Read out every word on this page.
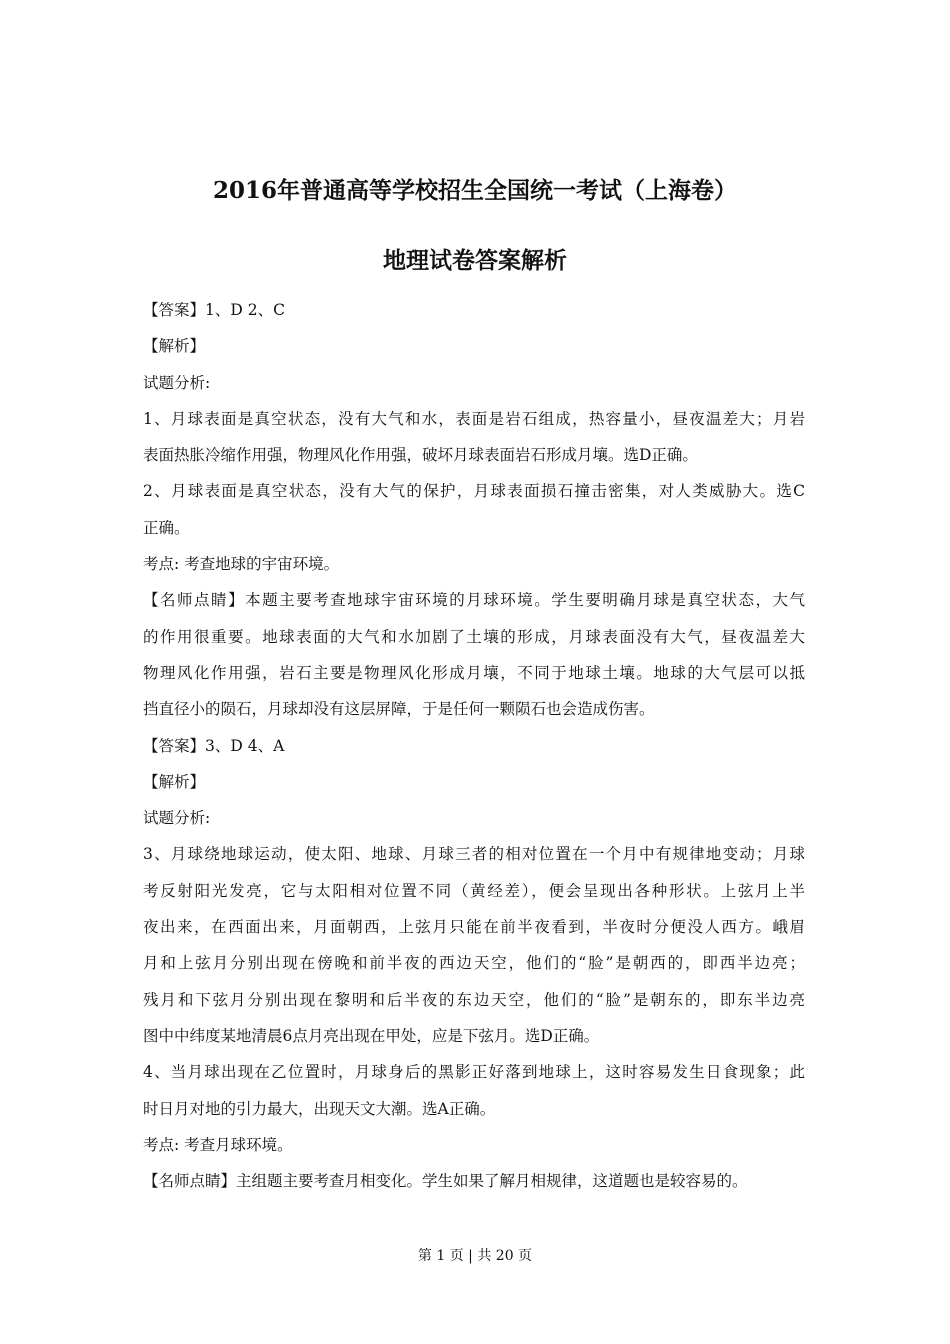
2016年普通高等学校招生全国统一考试（上海卷）
地理试卷答案解析
【答案】1、D 2、C
【解析】
试题分析:
1、月球表面是真空状态，没有大气和水，表面是岩石组成，热容量小，昼夜温差大；月岩
表面热胀冷缩作用强，物理风化作用强，破坏月球表面岩石形成月壤。选D正确。
2、月球表面是真空状态，没有大气的保护，月球表面损石撞击密集，对人类威胁大。选C
正确。
考点: 考查地球的宇宙环境。
【名师点睛】本题主要考查地球宇宙环境的月球环境。学生要明确月球是真空状态，大气
的作用很重要。地球表面的大气和水加剧了土壤的形成，月球表面没有大气，昼夜温差大
物理风化作用强，岩石主要是物理风化形成月壤，不同于地球土壤。地球的大气层可以抵
挡直径小的陨石，月球却没有这层屏障，于是任何一颗陨石也会造成伤害。
【答案】3、D 4、A
【解析】
试题分析:
3、月球绕地球运动，使太阳、地球、月球三者的相对位置在一个月中有规律地变动；月球
考反射阳光发亮，它与太阳相对位置不同（黄经差），便会呈现出各种形状。上弦月上半
夜出来，在西面出来，月面朝西，上弦月只能在前半夜看到，半夜时分便没人西方。峨眉
月和上弦月分别出现在傍晚和前半夜的西边天空，他们的“脸”是朝西的，即西半边亮；
残月和下弦月分别出现在黎明和后半夜的东边天空，他们的“脸”是朝东的，即东半边亮
图中中纬度某地清晨6点月亮出现在甲处，应是下弦月。选D正确。
4、当月球出现在乙位置时，月球身后的黑影正好落到地球上，这时容易发生日食现象；此
时日月对地的引力最大，出现天文大潮。选A正确。
考点: 考查月球环境。
【名师点睛】主组题主要考查月相变化。学生如果了解月相规律，这道题也是较容易的。
第 1 页 | 共 20 页
